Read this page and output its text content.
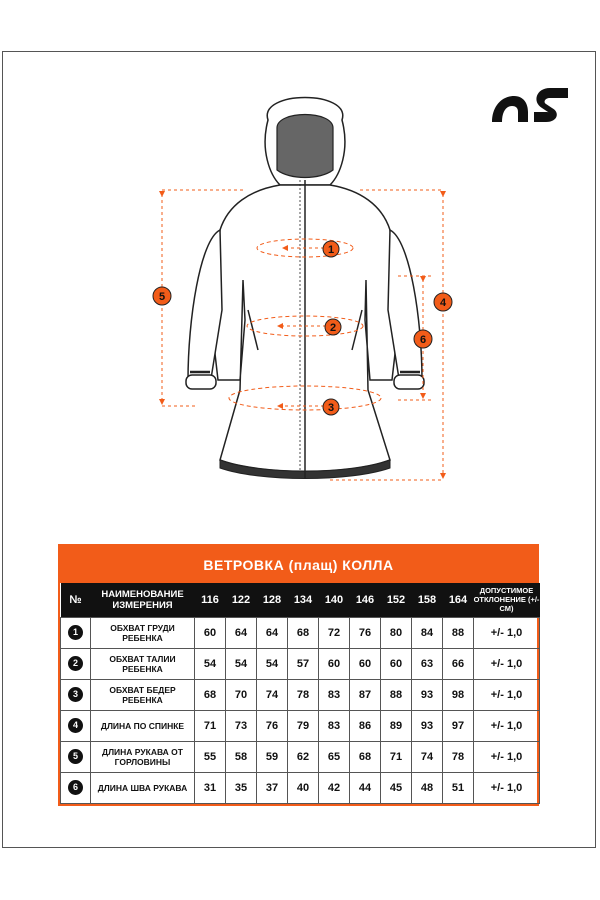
1
2
3
4
5
6
ВЕТРОВКА (плащ) КОЛЛА
№	НАИМЕНОВАНИЕ ИЗМЕРЕНИЯ	116	122	128	134	140	146	152	158	164	ДОПУСТИМОЕ ОТКЛОНЕНИЕ (+/-СМ)
1	ОБХВАТ ГРУДИ РЕБЕНКА	60	64	64	68	72	76	80	84	88	+/- 1,0
2	ОБХВАТ ТАЛИИ РЕБЕНКА	54	54	54	57	60	60	60	63	66	+/- 1,0
3	ОБХВАТ БЕДЕР РЕБЕНКА	68	70	74	78	83	87	88	93	98	+/- 1,0
4	ДЛИНА ПО СПИНКЕ	71	73	76	79	83	86	89	93	97	+/- 1,0
5	ДЛИНА РУКАВА ОТ ГОРЛОВИНЫ	55	58	59	62	65	68	71	74	78	+/- 1,0
6	ДЛИНА ШВА РУКАВА	31	35	37	40	42	44	45	48	51	+/- 1,0
